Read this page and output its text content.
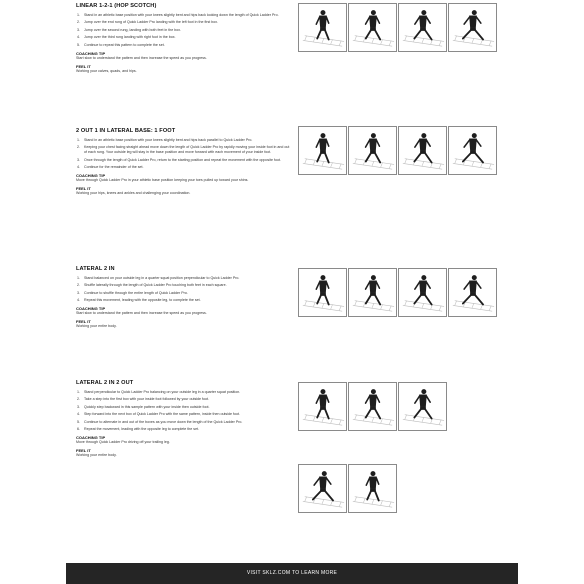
LINEAR 1-2-1 (HOP SCOTCH)
1. Stand in an athletic base position with your knees slightly bent and hips back looking down the length of Quick Ladder Pro.
2. Jump over the end rung of Quick Ladder Pro landing with the left foot in the first box.
3. Jump over the second rung, landing with both feet in the box.
4. Jump over the third rung landing with right foot in the box.
5. Continue to repeat this pattern to complete the set.
COACHING TIP
Start slow to understand the pattern and then increase the speed as you progress.
FEEL IT
Working your calves, quads, and hips.
2 OUT 1 IN LATERAL BASE: 1 FOOT
1. Stand in an athletic base position with your knees slightly bent and hips back parallel to Quick Ladder Pro.
2. Keeping your chest facing straight ahead move down the length of Quick Ladder Pro by rapidly moving your inside foot in and out of each rung. Your outside leg will stay in the base position and move forward with each movement of your inside foot.
3. Once through the length of Quick Ladder Pro, return to the starting position and repeat the movement with the opposite foot.
4. Continue for the remainder of the set.
COACHING TIP
Move through Quick Ladder Pro in your athletic base position keeping your toes pulled up toward your shins.
FEEL IT
Working your hips, knees and ankles and challenging your coordination.
LATERAL 2 IN
1. Stand balanced on your outside leg in a quarter squat position perpendicular to Quick Ladder Pro.
2. Shuffle laterally through the length of Quick Ladder Pro touching both feet in each square.
3. Continue to shuffle through the entire length of Quick Ladder Pro.
4. Repeat this movement, leading with the opposite leg, to complete the set.
COACHING TIP
Start slow to understand the pattern and then increase the speed as you progress.
FEEL IT
Working your entire body.
LATERAL 2 IN 2 OUT
1. Stand perpendicular to Quick Ladder Pro balancing on your outside leg in a quarter squat position.
2. Take a step into the first box with your inside foot followed by your outside foot.
3. Quickly step backward in this sample pattern with your inside then outside foot.
4. Step forward into the next box of Quick Ladder Pro with the same pattern, inside then outside foot.
5. Continue to alternate in and out of the boxes as you move down the length of the Quick Ladder Pro.
6. Repeat the movement, leading with the opposite leg to complete the set.
COACHING TIP
Move through Quick Ladder Pro driving off your trailing leg.
FEEL IT
Working your entire body.
VISIT SKLZ.COM TO LEARN MORE
